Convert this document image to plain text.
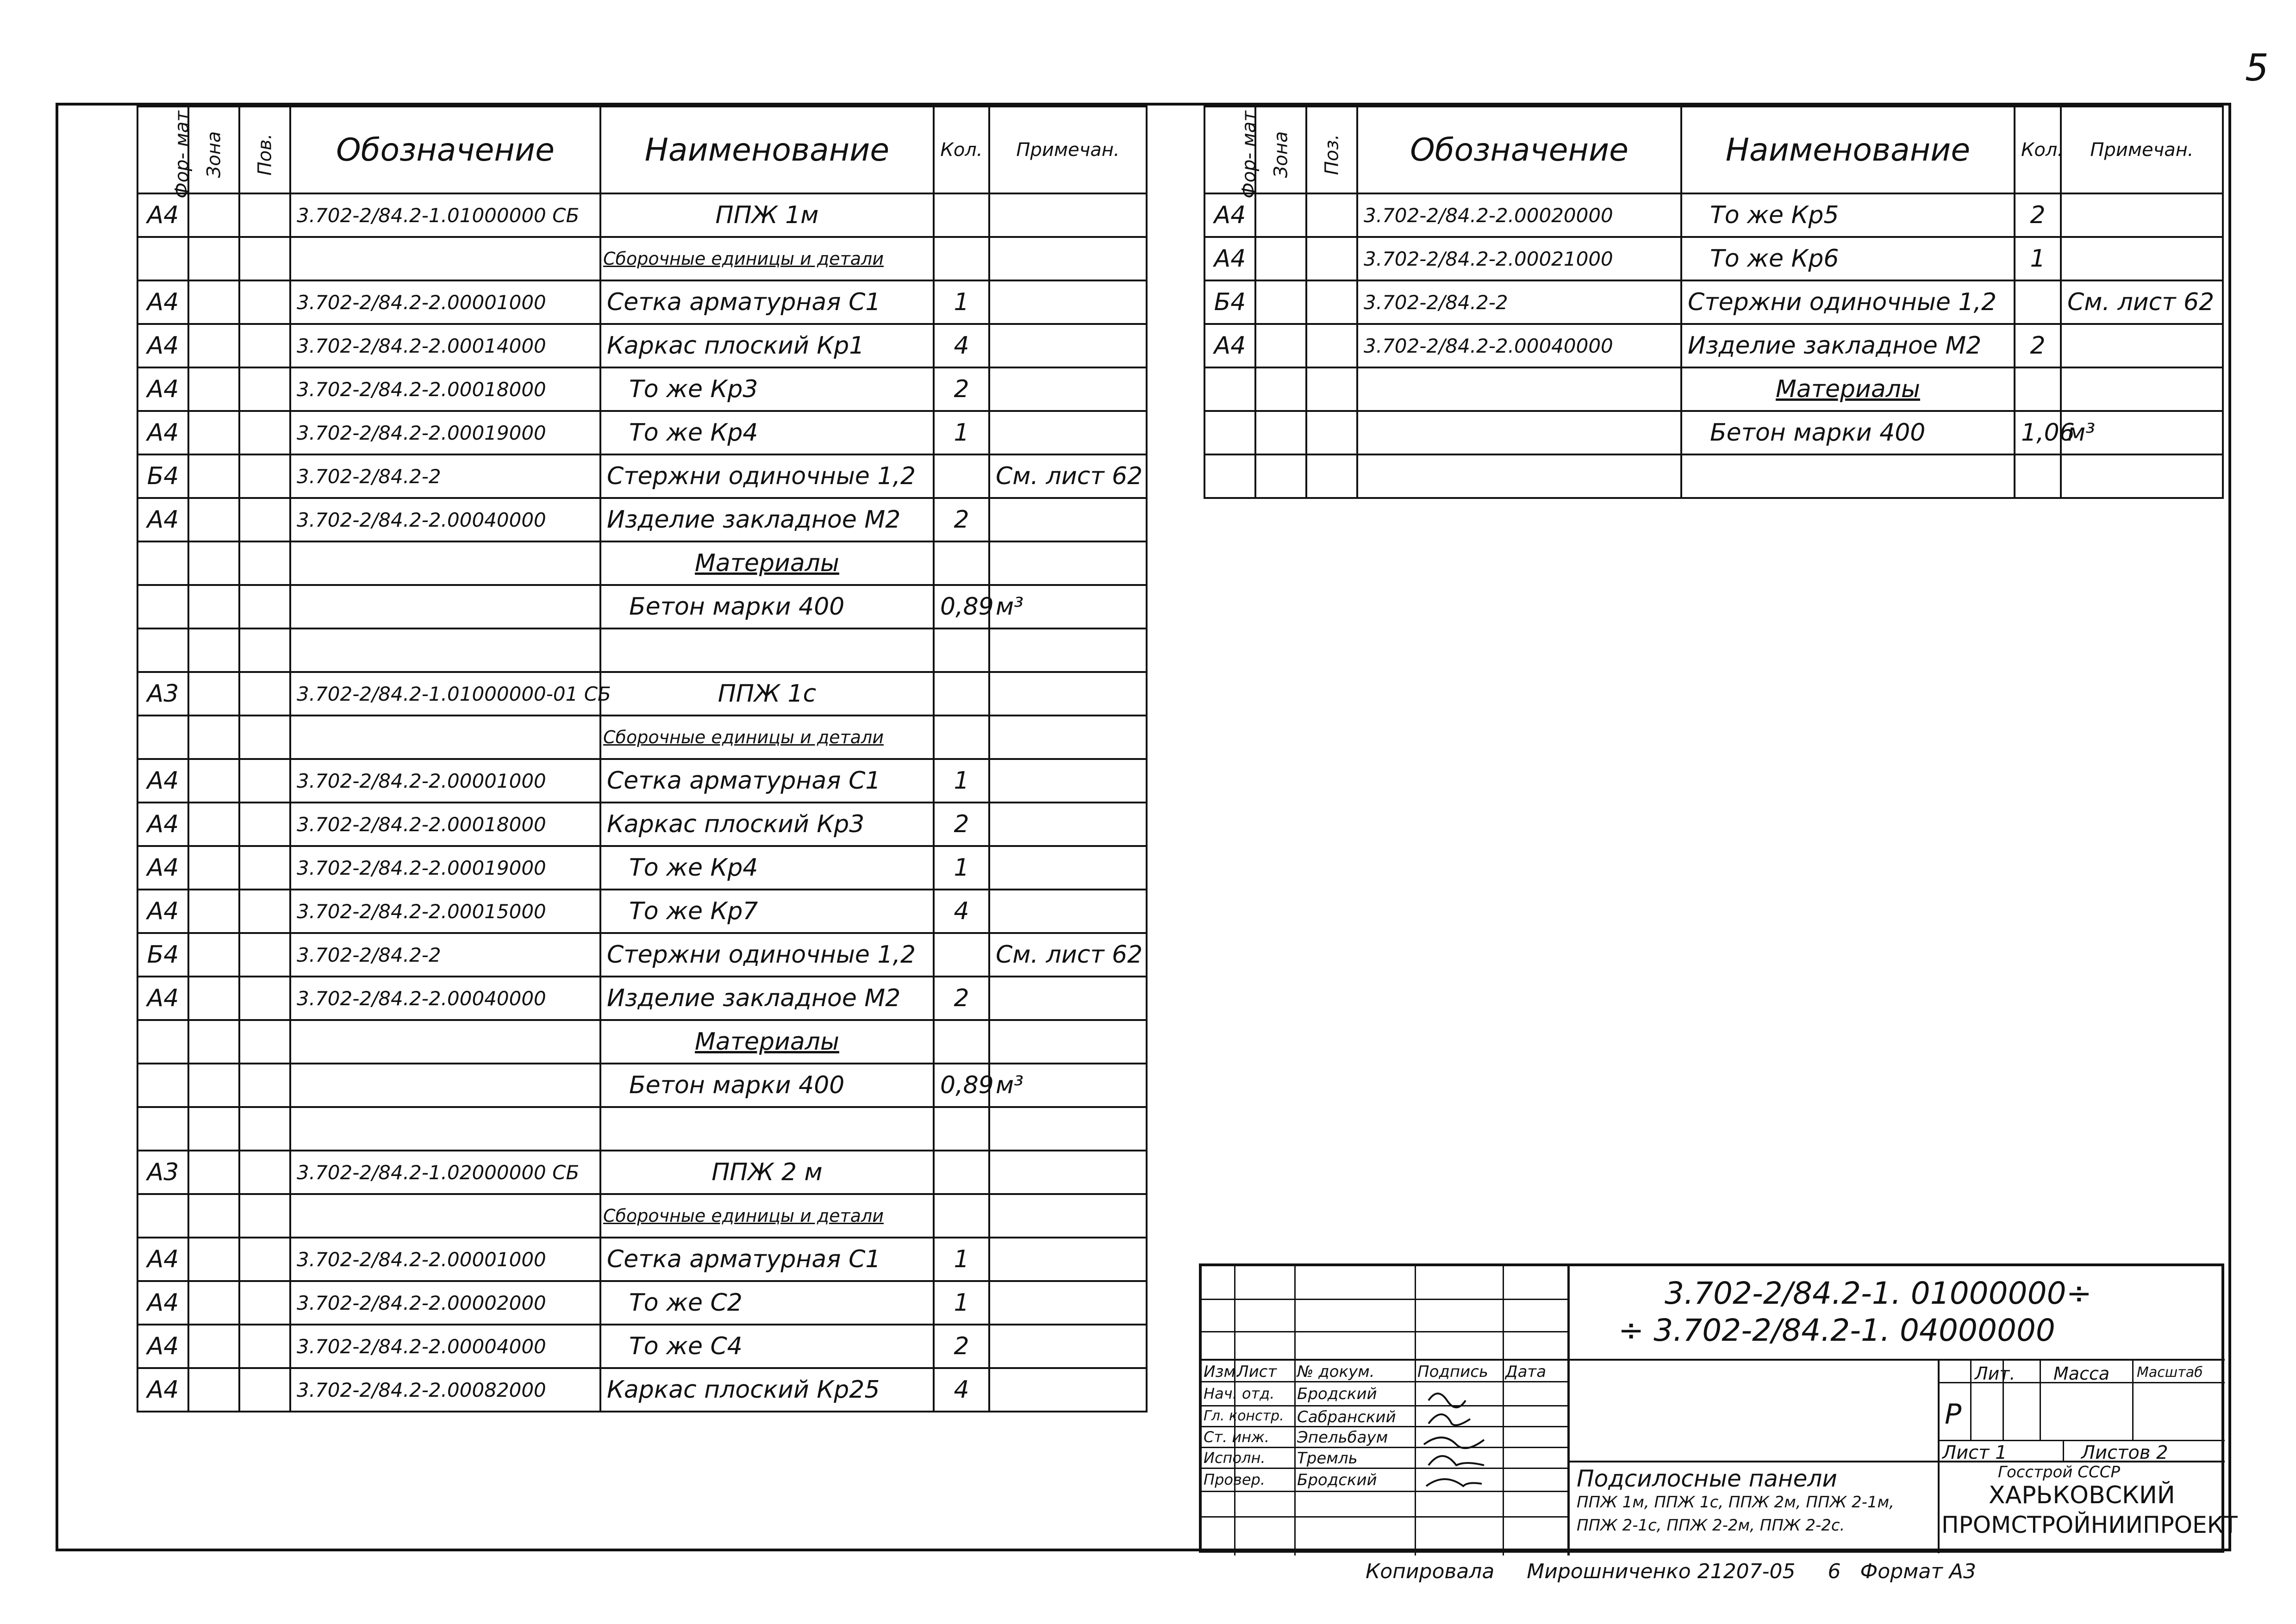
5
Фор- мат	Зона	Пов.	Обозначение	Наименование	Кол.	Примечан.
А4			3.702-2/84.2-1.01000000 СБ	ППЖ 1м		
				Сборочные единицы и детали		
А4			3.702-2/84.2-2.00001000	Сетка арматурная С1	1	
А4			3.702-2/84.2-2.00014000	Каркас плоский Кр1	4	
А4			3.702-2/84.2-2.00018000	То же Кр3	2	
А4			3.702-2/84.2-2.00019000	То же Кр4	1	
Б4			3.702-2/84.2-2	Стержни одиночные 1,2		См. лист 62
А4			3.702-2/84.2-2.00040000	Изделие закладное М2	2	
				Материалы		
				Бетон марки 400	0,89	м³

А3			3.702-2/84.2-1.01000000-01 СБ	ППЖ 1с		
				Сборочные единицы и детали		
А4			3.702-2/84.2-2.00001000	Сетка арматурная С1	1	
А4			3.702-2/84.2-2.00018000	Каркас плоский Кр3	2	
А4			3.702-2/84.2-2.00019000	То же Кр4	1	
А4			3.702-2/84.2-2.00015000	То же Кр7	4	
Б4			3.702-2/84.2-2	Стержни одиночные 1,2		См. лист 62
А4			3.702-2/84.2-2.00040000	Изделие закладное М2	2	
				Материалы		
				Бетон марки 400	0,89	м³

А3			3.702-2/84.2-1.02000000 СБ	ППЖ 2 м		
				Сборочные единицы и детали		
А4			3.702-2/84.2-2.00001000	Сетка арматурная С1	1	
А4			3.702-2/84.2-2.00002000	То же С2	1	
А4			3.702-2/84.2-2.00004000	То же С4	2	
А4			3.702-2/84.2-2.00082000	Каркас плоский Кр25	4	
Фор- мат	Зона	Поз.	Обозначение	Наименование	Кол.	Примечан.
А4			3.702-2/84.2-2.00020000	То же Кр5	2	
А4			3.702-2/84.2-2.00021000	То же Кр6	1	
Б4			3.702-2/84.2-2	Стержни одиночные 1,2		См. лист 62
А4			3.702-2/84.2-2.00040000	Изделие закладное М2	2	
				Материалы		
				Бетон марки 400	1,06	м³

3.702-2/84.2-1. 01000000÷
÷ 3.702-2/84.2-1. 04000000
Изм.
Лист № докум.	Подпись Дата
Нач. отд. Бродский
Гл. констр. Сабранский
Ст. инж. Эпельбаум
Исполн. Тремль
Провер. Бродский	Подсилосные панели
ППЖ 1м, ППЖ 1с, ППЖ 2м, ППЖ 2-1м,
ППЖ 2-1с, ППЖ 2-2м, ППЖ 2-2с.
Лит. Масса Масштаб
Р
Лист 1	Листов 2
Госстрой СССР
ХАРЬКОВСКИЙ
ПРОМСТРОЙНИИПРОЕКТ
Копировала Мирошниченко 21207-05 6 Формат А3
